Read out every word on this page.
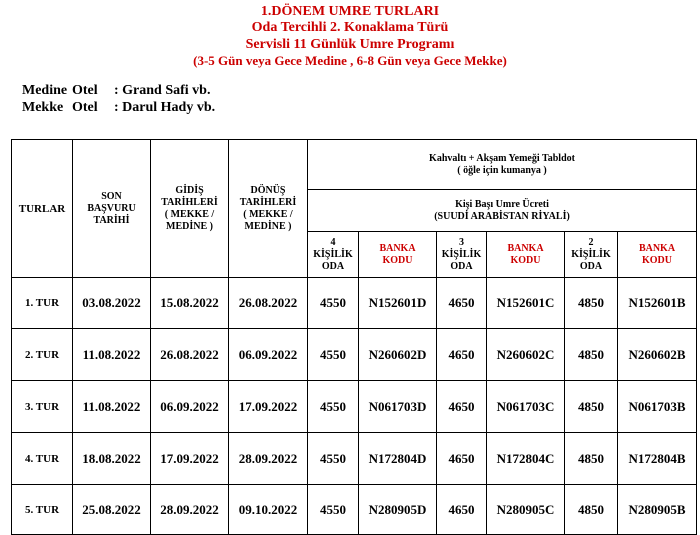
1.DÖNEM UMRE TURLARI
Oda Tercihli 2. Konaklama Türü
Servisli 11 Günlük Umre Programı
(3-5 Gün veya Gece Medine , 6-8 Gün veya Gece Mekke)
Medine Otel	: Grand Safi vb.
Mekke Otel	: Darul Hady vb.
TURLAR	SON
BAŞVURU
TARİHİ	GİDİŞ
TARİHLERİ
( MEKKE /
MEDİNE )	DÖNÜŞ
TARİHLERİ
( MEKKE /
MEDİNE )	Kahvaltı + Akşam Yemeği Tabldot
( öğle için kumanya )					
				Kişi Başı Umre Ücreti
(SUUDİ ARABİSTAN RİYALİ)					
				4
KİŞİLİK
ODA	BANKA
KODU	3
KİŞİLİK
ODA	BANKA
KODU	2
KİŞİLİK
ODA	BANKA
KODU
1. TUR	03.08.2022	15.08.2022	26.08.2022	4550	N152601D	4650	N152601C	4850	N152601B
2. TUR	11.08.2022	26.08.2022	06.09.2022	4550	N260602D	4650	N260602C	4850	N260602B
3. TUR	11.08.2022	06.09.2022	17.09.2022	4550	N061703D	4650	N061703C	4850	N061703B
4. TUR	18.08.2022	17.09.2022	28.09.2022	4550	N172804D	4650	N172804C	4850	N172804B
5. TUR	25.08.2022	28.09.2022	09.10.2022	4550	N280905D	4650	N280905C	4850	N280905B
